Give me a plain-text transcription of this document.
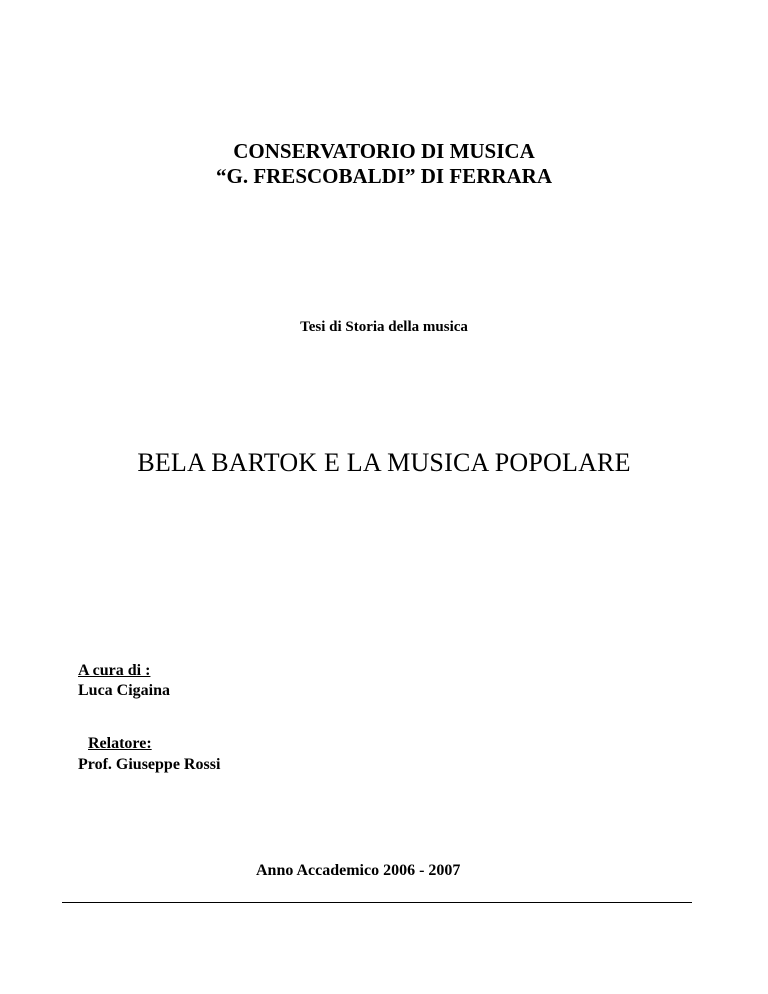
CONSERVATORIO DI MUSICA
“G. FRESCOBALDI” DI FERRARA
Tesi di Storia della musica
BELA BARTOK E LA MUSICA POPOLARE
A cura di :
Luca Cigaina
Relatore:
Prof. Giuseppe Rossi
Anno Accademico 2006 - 2007
